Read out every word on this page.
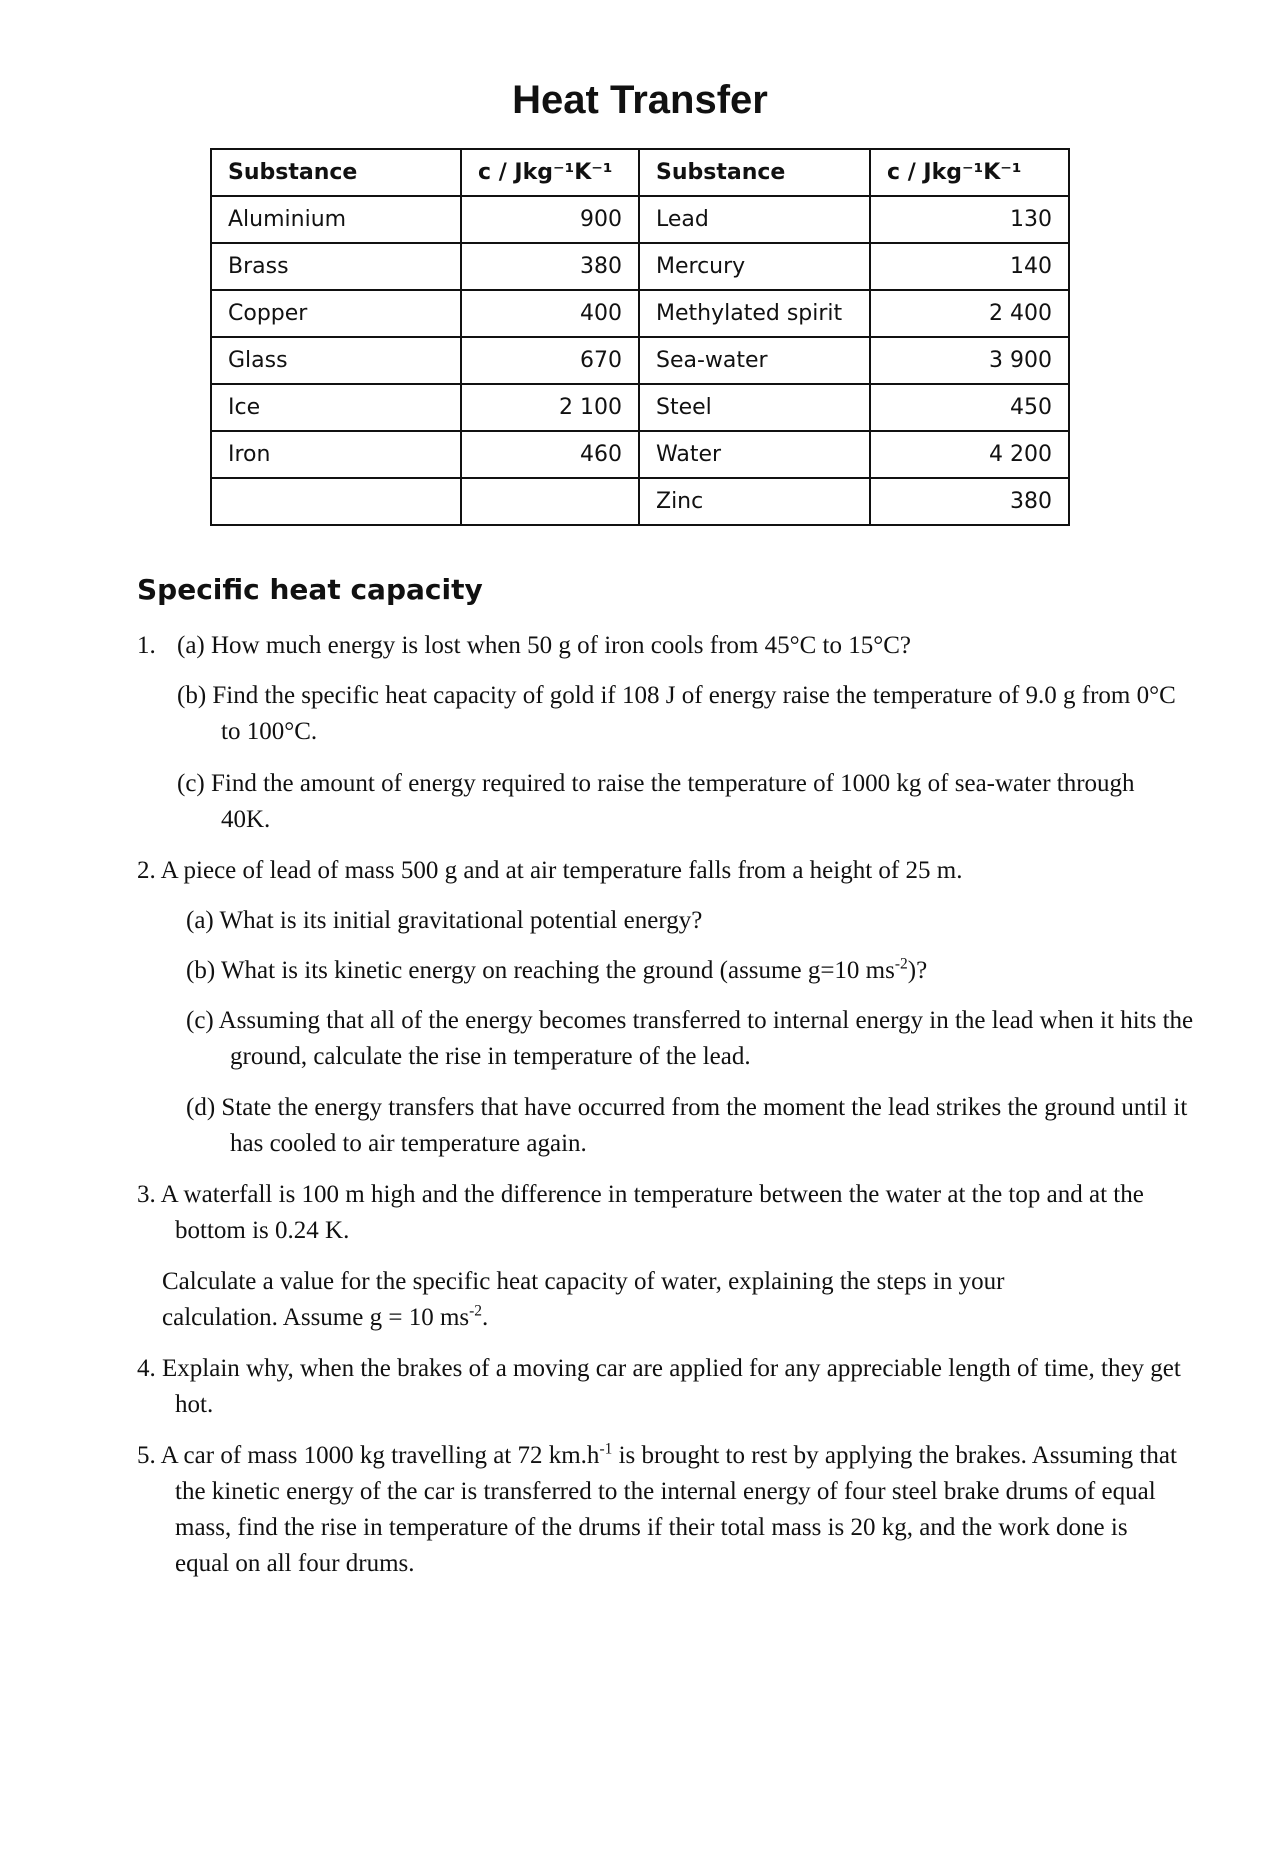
Heat Transfer
Substance	c / Jkg⁻¹K⁻¹	Substance	c / Jkg⁻¹K⁻¹
Aluminium	900	Lead	130
Brass	380	Mercury	140
Copper	400	Methylated spirit	2 400
Glass	670	Sea-water	3 900
Ice	2 100	Steel	450
Iron	460	Water	4 200
		Zinc	380
Specific heat capacity

1. (a) How much energy is lost when 50 g of iron cools from 45°C to 15°C?

(b) Find the specific heat capacity of gold if 108 J of energy raise the temperature of 9.0 g from 0°C to 100°C.

(c) Find the amount of energy required to raise the temperature of 1000 kg of sea-water through 40K.

2. A piece of lead of mass 500 g and at air temperature falls from a height of 25 m.

(a) What is its initial gravitational potential energy?

(b) What is its kinetic energy on reaching the ground (assume g=10 $ms^{-2}$)?

(c) Assuming that all of the energy becomes transferred to internal energy in the lead when it hits the ground, calculate the rise in temperature of the lead.

(d) State the energy transfers that have occurred from the moment the lead strikes the ground until it has cooled to air temperature again.

3. A waterfall is 100 m high and the difference in temperature between the water at the top and at the bottom is 0.24 K.

Calculate a value for the specific heat capacity of water, explaining the steps in your calculation. Assume g = 10 $ms^{-2}$.

4. Explain why, when the brakes of a moving car are applied for any appreciable length of time, they get hot.

5. A car of mass 1000 kg travelling at 72 $km.h^{-1}$ is brought to rest by applying the brakes. Assuming that the kinetic energy of the car is transferred to the internal energy of four steel brake drums of equal mass, find the rise in temperature of the drums if their total mass is 20 kg, and the work done is equal on all four drums.
